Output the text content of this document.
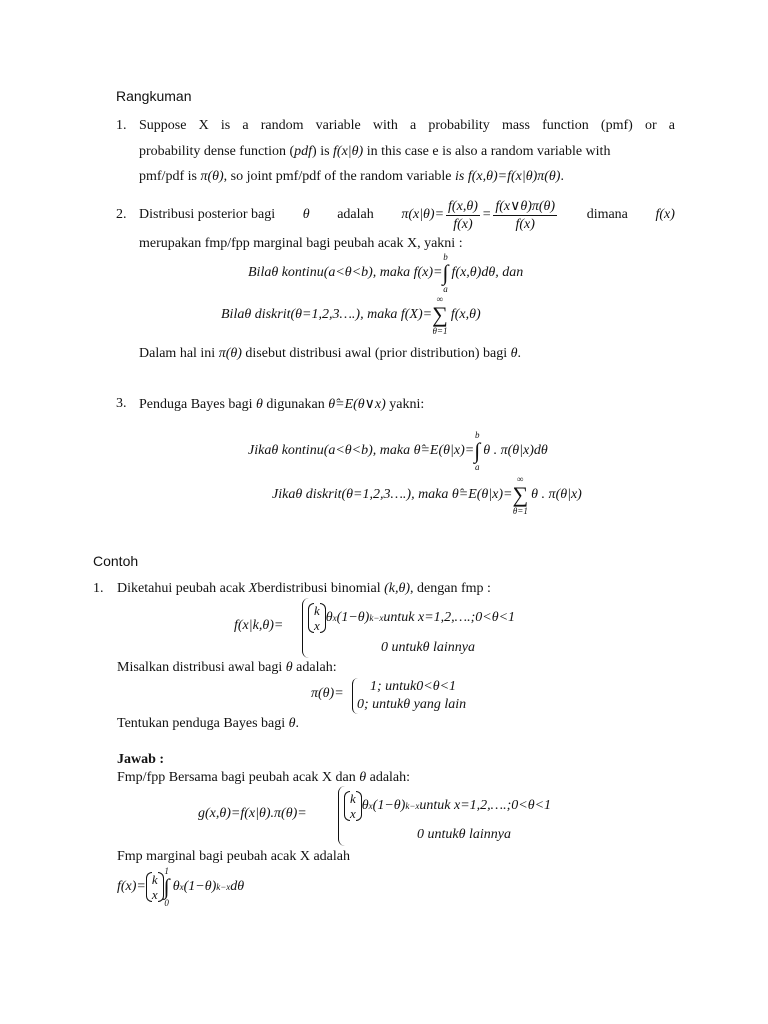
Rangkuman
1. Suppose X is a random variable with a probability mass function (pmf) or a
probability dense function (pdf) is f(x|θ) in this case e is also a random variable with
pmf/pdf is π(θ), so joint pmf/pdf of the random variable is f(x,θ)=f(x|θ)π(θ).
2. Distribusi posterior bagi θ adalah $\pi(x|\theta)= \frac{f(x,\theta)}{f(x)} = \frac{f(x\vee\theta)\pi(\theta)}{f(x)}$ dimana f(x)
merupakan fmp/fpp marginal bagi peubah acak X, yakni :
Bilaθ kontinu(a<θ<b), maka f(x)=
b
∫
a
f(x,θ)dθ, dan
Bilaθ diskrit(θ=1,2,3….), maka f(X)=
∞
∑
θ=1
f(x,θ)
Dalam hal ini π(θ) disebut distribusi awal (prior distribution) bagi θ.
3. Penduga Bayes bagi θ digunakan θ̂=E(θ∨x) yakni:
Jikaθ kontinu(a<θ<b), maka θ̂=E(θ|x)=
b
∫
a
θ . π(θ|x)dθ
Jikaθ diskrit(θ=1,2,3….), maka θ̂=E(θ|x)=
∞
∑
θ=1
θ . π(θ|x)
Contoh
1. Diketahui peubah acak Xberdistribusi binomial (k,θ), dengan fmp :
f(x|k,θ)=
k
x
θ x (1−θ) k−x untuk x=1,2,….;0<θ<1
0 untukθ lainnya
Misalkan distribusi awal bagi θ adalah:
π(θ)= 1; untuk0<θ<1
0; untukθ yang lain
Tentukan penduga Bayes bagi θ.
Jawab :
Fmp/fpp Bersama bagi peubah acak X dan θ adalah:
g(x,θ)=f(x|θ).π(θ)=
k
x
θ x (1−θ) k−x untuk x=1,2,….;0<θ<1
0 untukθ lainnya
Fmp marginal bagi peubah acak X adalah
f(x)= k
x
1
∫
0
θ x (1−θ) k−x dθ
